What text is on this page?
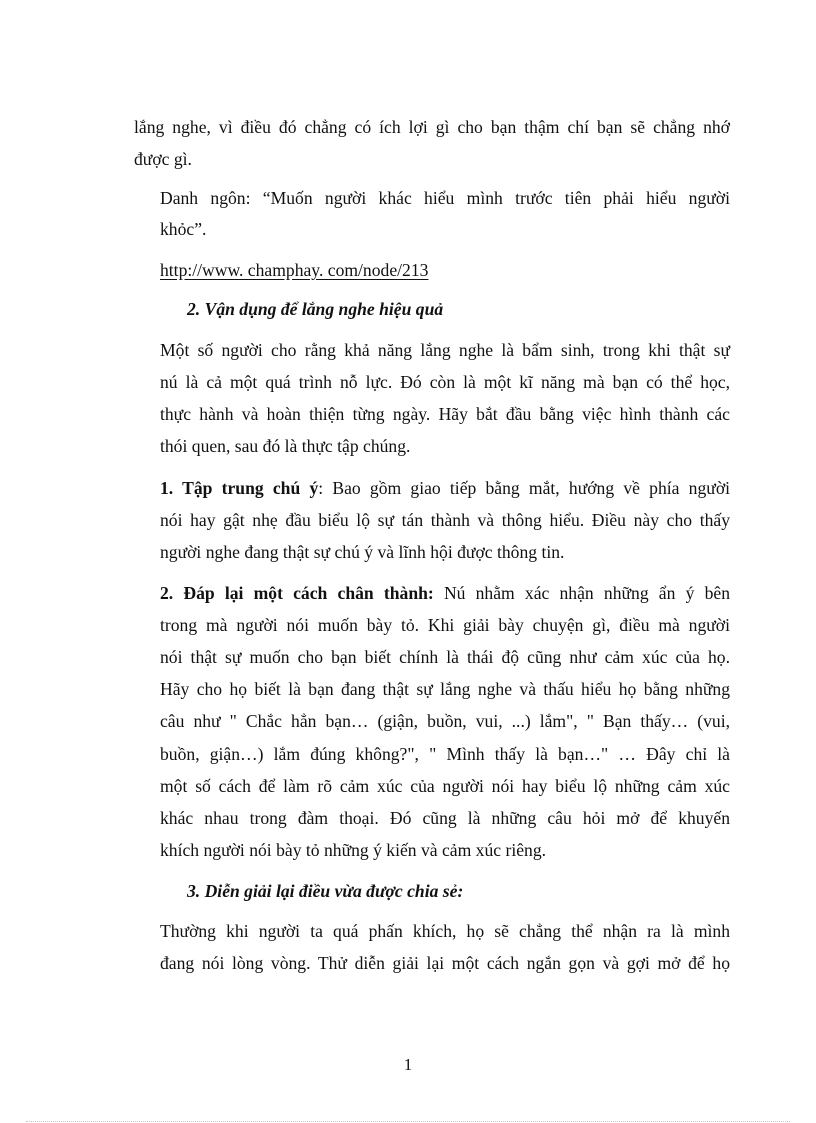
lắng nghe, vì điều đó chẳng có ích lợi gì cho bạn thậm chí bạn sẽ chẳng nhớ
được gì.
Danh ngôn: “Muốn người khác hiểu mình trước tiên phải hiểu người
khỏc”.
http://www. champhay. com/node/213
2. Vận dụng để lắng nghe hiệu quả
Một số người cho rằng khả năng lắng nghe là bẩm sinh, trong khi thật sự
nú là cả một quá trình nỗ lực. Đó còn là một kĩ năng mà bạn có thể học,
thực hành và hoàn thiện từng ngày. Hãy bắt đầu bằng việc hình thành các
thói quen, sau đó là thực tập chúng.
1. Tập trung chú ý: Bao gồm giao tiếp bằng mắt, hướng về phía người
nói hay gật nhẹ đầu biểu lộ sự tán thành và thông hiểu. Điều này cho thấy
người nghe đang thật sự chú ý và lĩnh hội được thông tin.
2. Đáp lại một cách chân thành: Nú nhằm xác nhận những ẩn ý bên
trong mà người nói muốn bày tỏ. Khi giải bày chuyện gì, điều mà người
nói thật sự muốn cho bạn biết chính là thái độ cũng như cảm xúc của họ.
Hãy cho họ biết là bạn đang thật sự lắng nghe và thấu hiểu họ bằng những
câu như " Chắc hẳn bạn… (giận, buồn, vui, ...) lắm", " Bạn thấy… (vui,
buồn, giận…) lắm đúng không?", " Mình thấy là bạn…" … Đây chỉ là
một số cách để làm rõ cảm xúc của người nói hay biểu lộ những cảm xúc
khác nhau trong đàm thoại. Đó cũng là những câu hỏi mở để khuyến
khích người nói bày tỏ những ý kiến và cảm xúc riêng.
3. Diễn giải lại điều vừa được chia sẻ:
Thường khi người ta quá phấn khích, họ sẽ chẳng thể nhận ra là mình
đang nói lòng vòng. Thử diễn giải lại một cách ngắn gọn và gợi mở để họ
1
